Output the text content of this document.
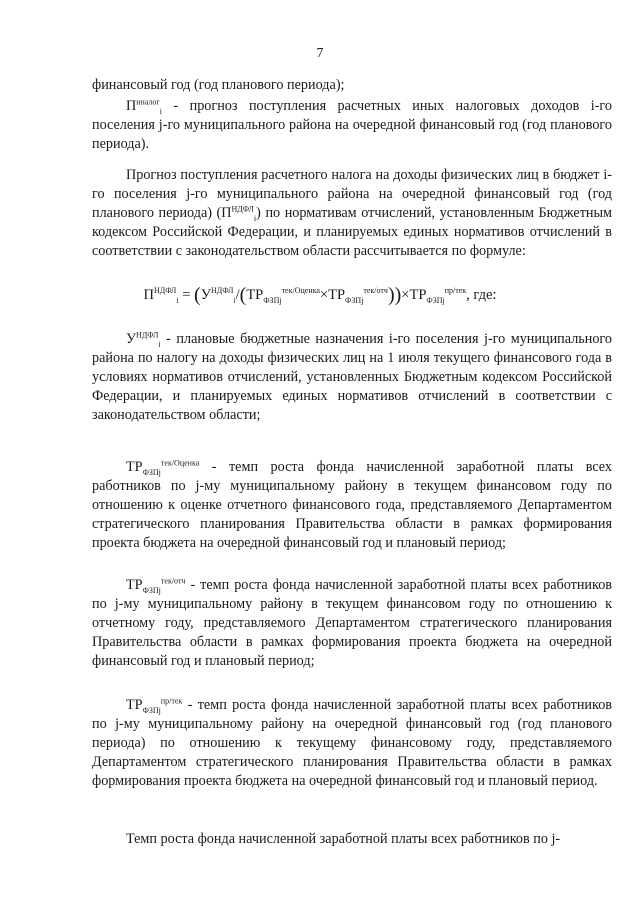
7

финансовый год (год планового периода);

$П^{иналог}_i$ - прогноз поступления расчетных иных налоговых доходов i-го поселения j-го муниципального района на очередной финансовый год (год планового периода).

Прогноз поступления расчетного налога на доходы физических лиц в бюджет i-го поселения j-го муниципального района на очередной финансовый год (год планового периода) $(П^{НДФЛ}_i)$ по нормативам отчислений, установленным Бюджетным кодексом Российской Федерации, и планируемых единых нормативов отчислений в соответствии с законодательством области рассчитывается по формуле:

$П^{НДФЛ}_i = (У^{НДФЛ}_i/(ТР_{ФЗПj}^{тек/Оценка}\times ТР_{ФЗПj}^{тек/отч}))\times ТР_{ФЗПj}^{пр/тек}$, где:

$У^{НДФЛ}_i$ - плановые бюджетные назначения i-го поселения j-го муниципального района по налогу на доходы физических лиц на 1 июля текущего финансового года в условиях нормативов отчислений, установленных Бюджетным кодексом Российской Федерации, и планируемых единых нормативов отчислений в соответствии с законодательством области;

$ТР_{ФЗПj}^{тек/Оценка}$ - темп роста фонда начисленной заработной платы всех работников по j-му муниципальному району в текущем финансовом году по отношению к оценке отчетного финансового года, представляемого Департаментом стратегического планирования Правительства области в рамках формирования проекта бюджета на очередной финансовый год и плановый период;

$ТР_{ФЗПj}^{тек/отч}$ - темп роста фонда начисленной заработной платы всех работников по j-му муниципальному району в текущем финансовом году по отношению к отчетному году, представляемого Департаментом стратегического планирования Правительства области в рамках формирования проекта бюджета на очередной финансовый год и плановый период;

$ТР_{ФЗПj}^{пр/тек}$ - темп роста фонда начисленной заработной платы всех работников по j-му муниципальному району на очередной финансовый год (год планового периода) по отношению к текущему финансовому году, представляемого Департаментом стратегического планирования Правительства области в рамках формирования проекта бюджета на очередной финансовый год и плановый период.

Темп роста фонда начисленной заработной платы всех работников по j-
